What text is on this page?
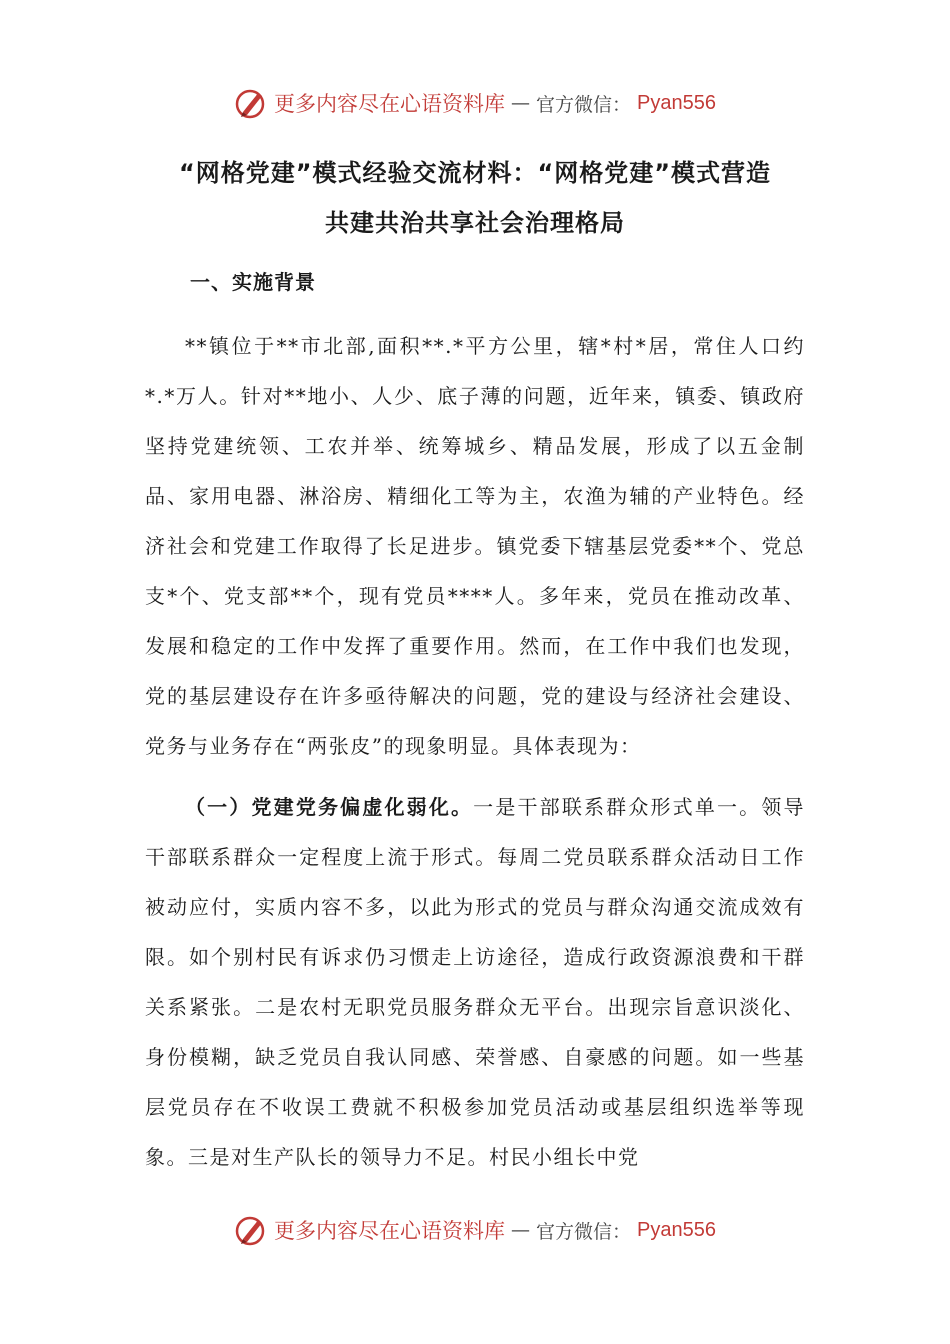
更多内容尽在心语资料库 — 官方微信： Pyan556
“网格党建”模式经验交流材料：“网格党建”模式营造
共建共治共享社会治理格局
一、实施背景
**镇位于**市北部,面积**.*平方公里，辖*村*居，常住人口约*.*万人。针对**地小、人少、底子薄的问题，近年来，镇委、镇政府坚持党建统领、工农并举、统筹城乡、精品发展，形成了以五金制品、家用电器、淋浴房、精细化工等为主，农渔为辅的产业特色。经济社会和党建工作取得了长足进步。镇党委下辖基层党委**个、党总支*个、党支部**个，现有党员****人。多年来，党员在推动改革、发展和稳定的工作中发挥了重要作用。然而，在工作中我们也发现，党的基层建设存在许多亟待解决的问题，党的建设与经济社会建设、党务与业务存在“两张皮”的现象明显。具体表现为：
（一）党建党务偏虚化弱化。一是干部联系群众形式单一。领导干部联系群众一定程度上流于形式。每周二党员联系群众活动日工作被动应付，实质内容不多，以此为形式的党员与群众沟通交流成效有限。如个别村民有诉求仍习惯走上访途径，造成行政资源浪费和干群关系紧张。二是农村无职党员服务群众无平台。出现宗旨意识淡化、身份模糊，缺乏党员自我认同感、荣誉感、自豪感的问题。如一些基层党员存在不收误工费就不积极参加党员活动或基层组织选举等现象。三是对生产队长的领导力不足。村民小组长中党
更多内容尽在心语资料库 — 官方微信： Pyan556
